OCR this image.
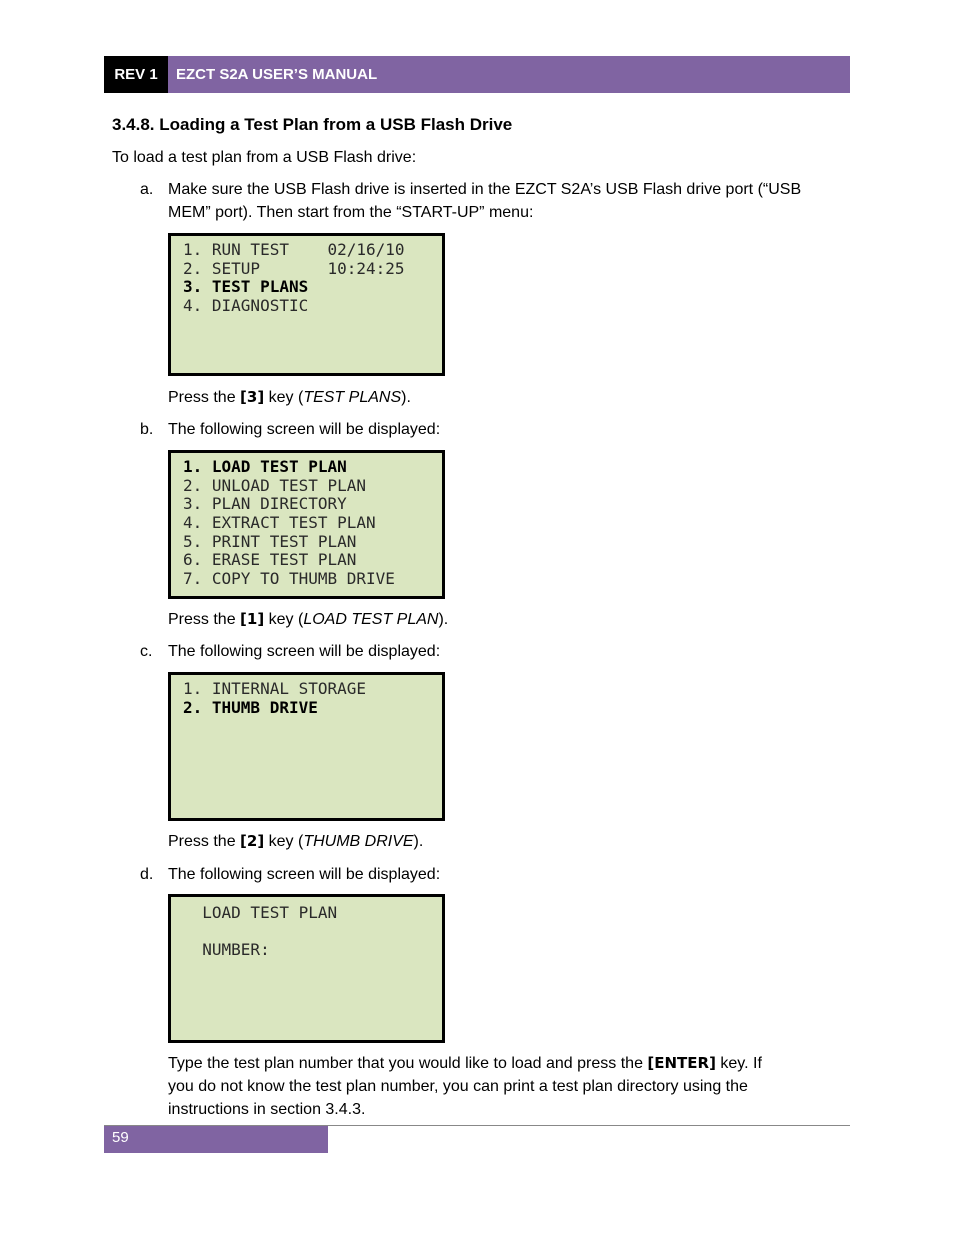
REV 1	EZCT S2A USER’S MANUAL
3.4.8. Loading a Test Plan from a USB Flash Drive
To load a test plan from a USB Flash drive:
a. Make sure the USB Flash drive is inserted in the EZCT S2A’s USB Flash drive port (“USB
MEM” port). Then start from the “START-UP” menu:
1. RUN TEST    02/16/10
2. SETUP       10:24:25
3. TEST PLANS
4. DIAGNOSTIC
Press the [3] key (TEST PLANS).
b. The following screen will be displayed:
1. LOAD TEST PLAN
2. UNLOAD TEST PLAN
3. PLAN DIRECTORY
4. EXTRACT TEST PLAN
5. PRINT TEST PLAN
6. ERASE TEST PLAN
7. COPY TO THUMB DRIVE
Press the [1] key (LOAD TEST PLAN).
c. The following screen will be displayed:
1. INTERNAL STORAGE
2. THUMB DRIVE
Press the [2] key (THUMB DRIVE).
d. The following screen will be displayed:
LOAD TEST PLAN
NUMBER:
Type the test plan number that you would like to load and press the [ENTER] key. If
you do not know the test plan number, you can print a test plan directory using the
instructions in section 3.4.3.
59
